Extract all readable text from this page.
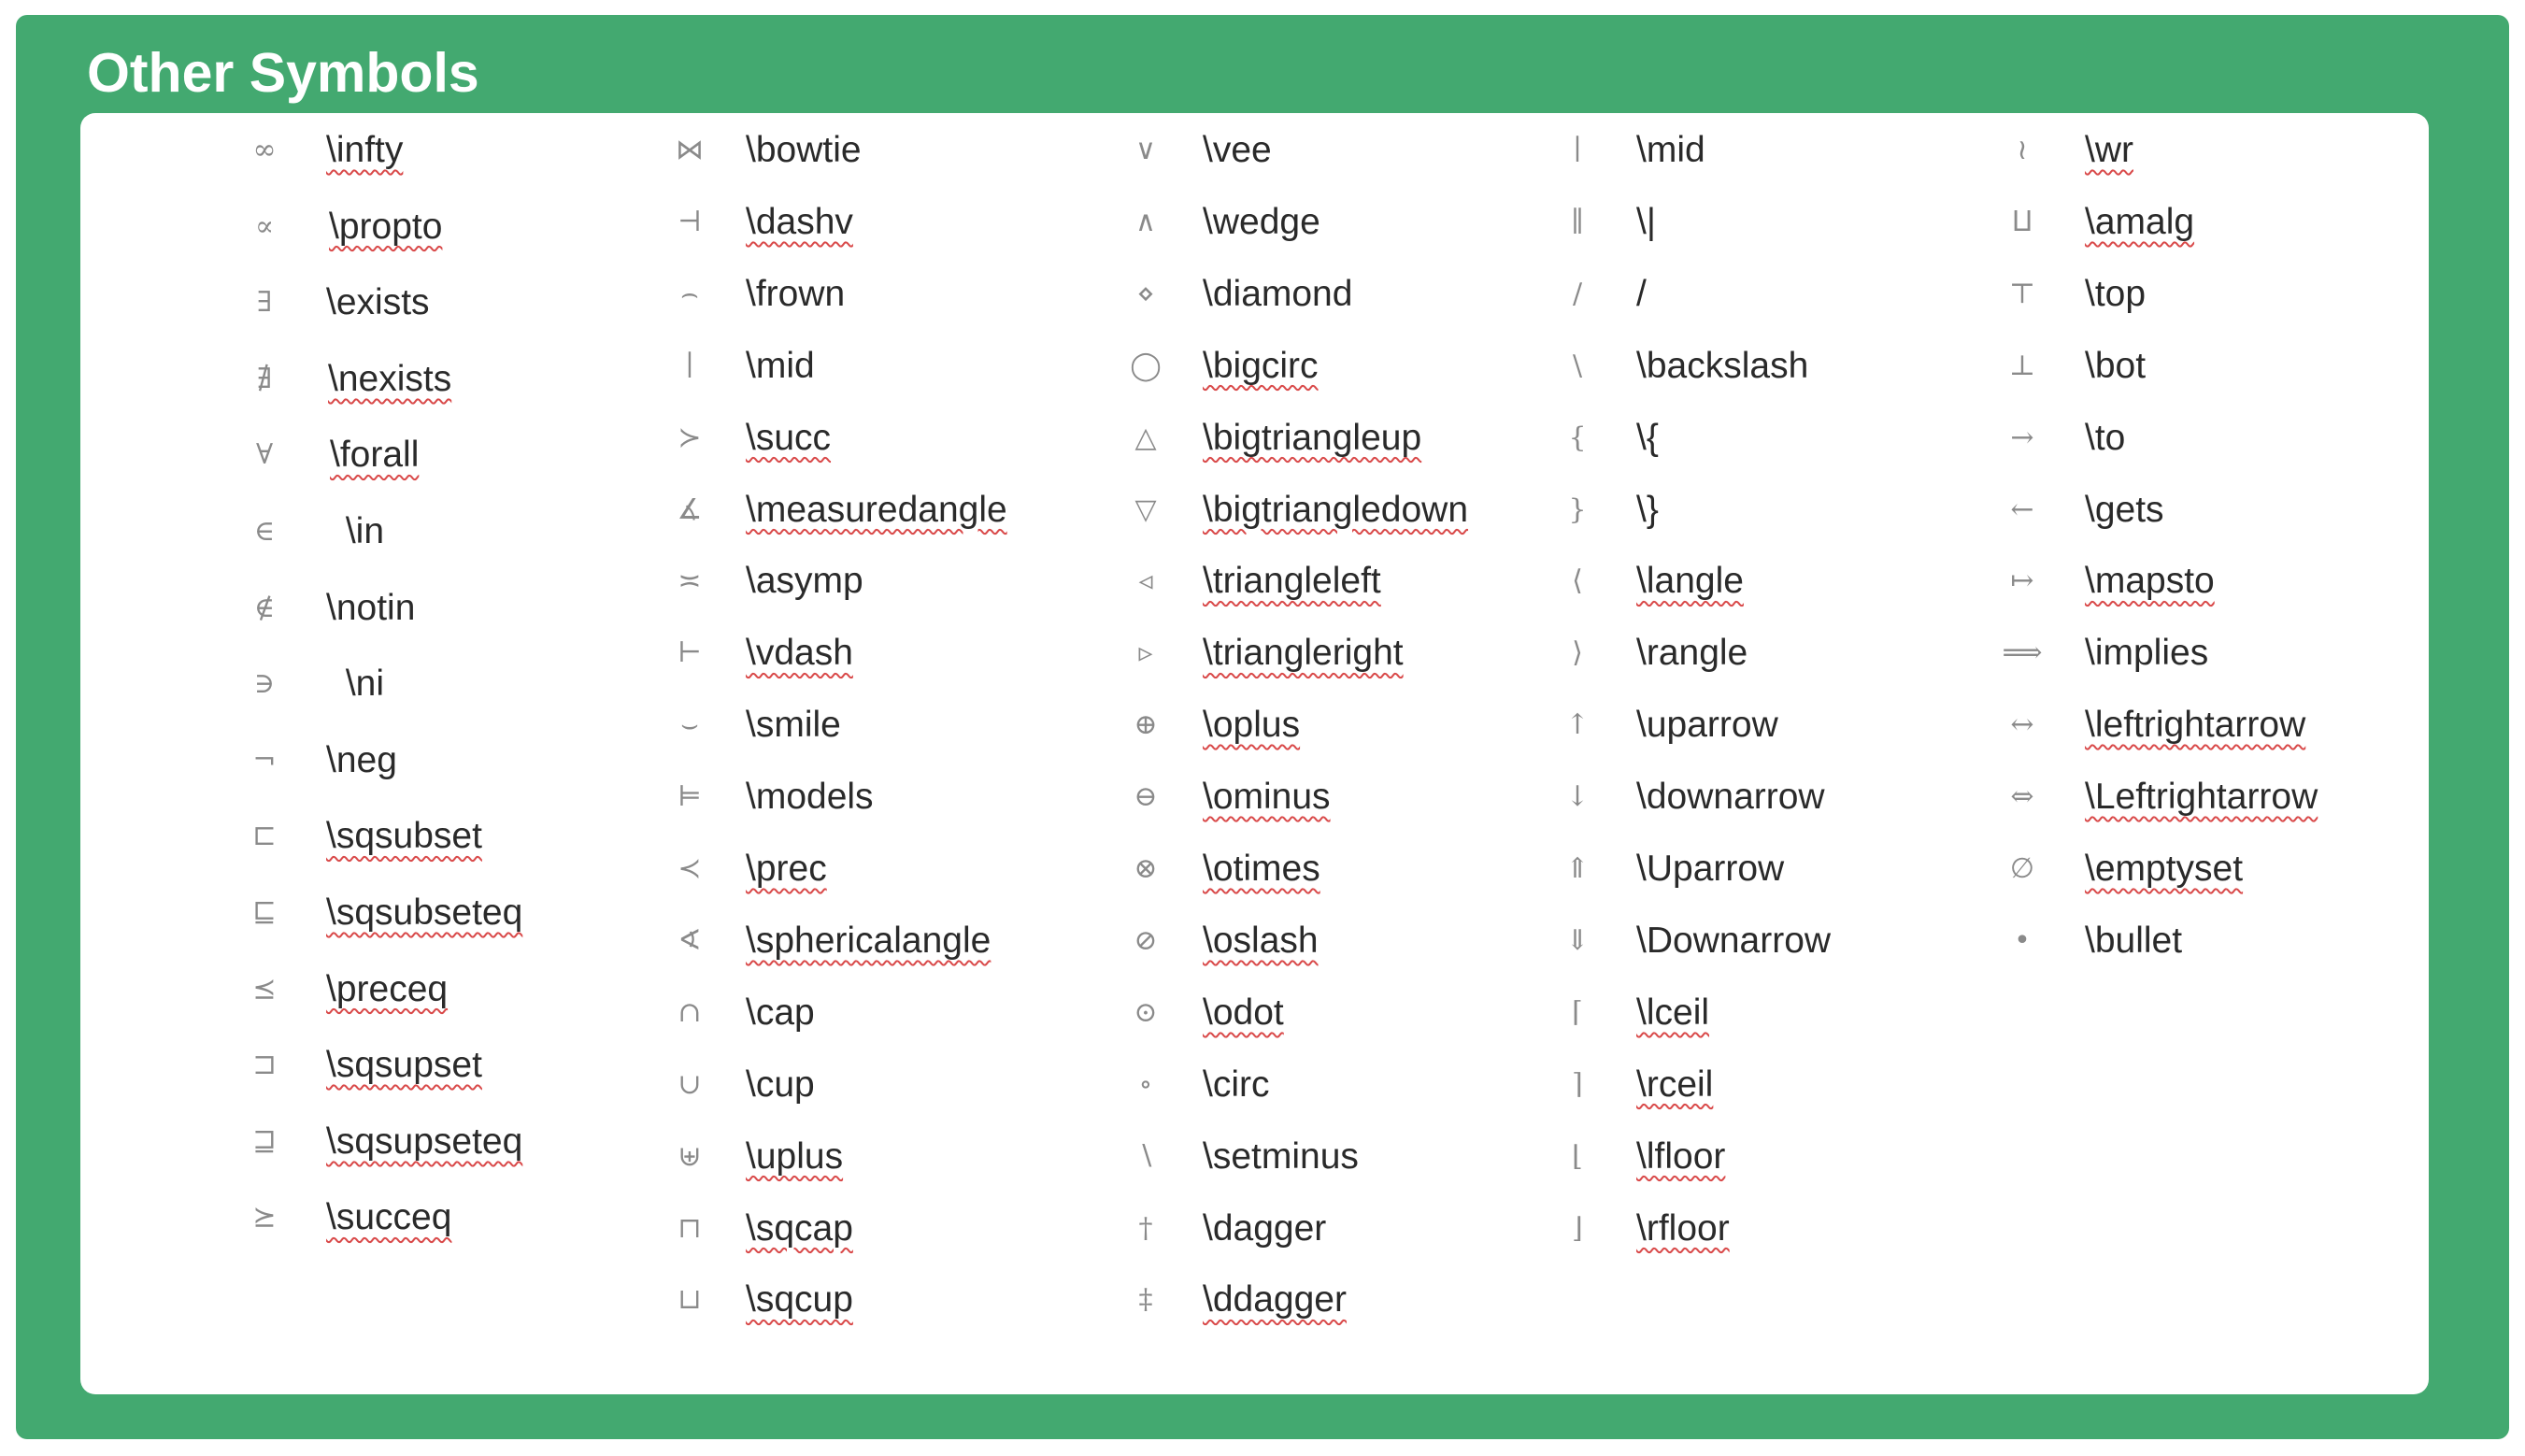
Other Symbols
∞	\infty
∝	\propto
∃	\exists
∄	\nexists
∀	\forall
∈	\in
∉	\notin
∋	\ni
¬	\neg
⊏	\sqsubset
⊑	\sqsubseteq
⪯	\preceq
⊐	\sqsupset
⊒	\sqsupseteq
⪰	\succeq
⋈	\bowtie
⊣	\dashv
⌢	\frown
∣	\mid
≻	\succ
∡	\measuredangle
≍	\asymp
⊢	\vdash
⌣	\smile
⊨	\models
≺	\prec
∢	\sphericalangle
∩	\cap
∪	\cup
⊎	\uplus
⊓	\sqcap
⊔	\sqcup
∨	\vee
∧	\wedge
⋄	\diamond
◯	\bigcirc
△	\bigtriangleup
▽	\bigtriangledown
◃	\triangleleft
▹	\triangleright
⊕	\oplus
⊖	\ominus
⊗	\otimes
⊘	\oslash
⊙	\odot
∘	\circ
∖	\setminus
†	\dagger
‡	\ddagger
∣	\mid
∥	\|
/	/
\	\backslash
{	\{
}	\}
⟨	\langle
⟩	\rangle
↑	\uparrow
↓	\downarrow
⇑	\Uparrow
⇓	\Downarrow
⌈	\lceil
⌉	\rceil
⌊	\lfloor
⌋	\rfloor
≀	\wr
⨿	\amalg
⊤	\top
⊥	\bot
→	\to
←	\gets
↦	\mapsto
⟹	\implies
↔	\leftrightarrow
⇔	\Leftrightarrow
∅	\emptyset
•	\bullet
